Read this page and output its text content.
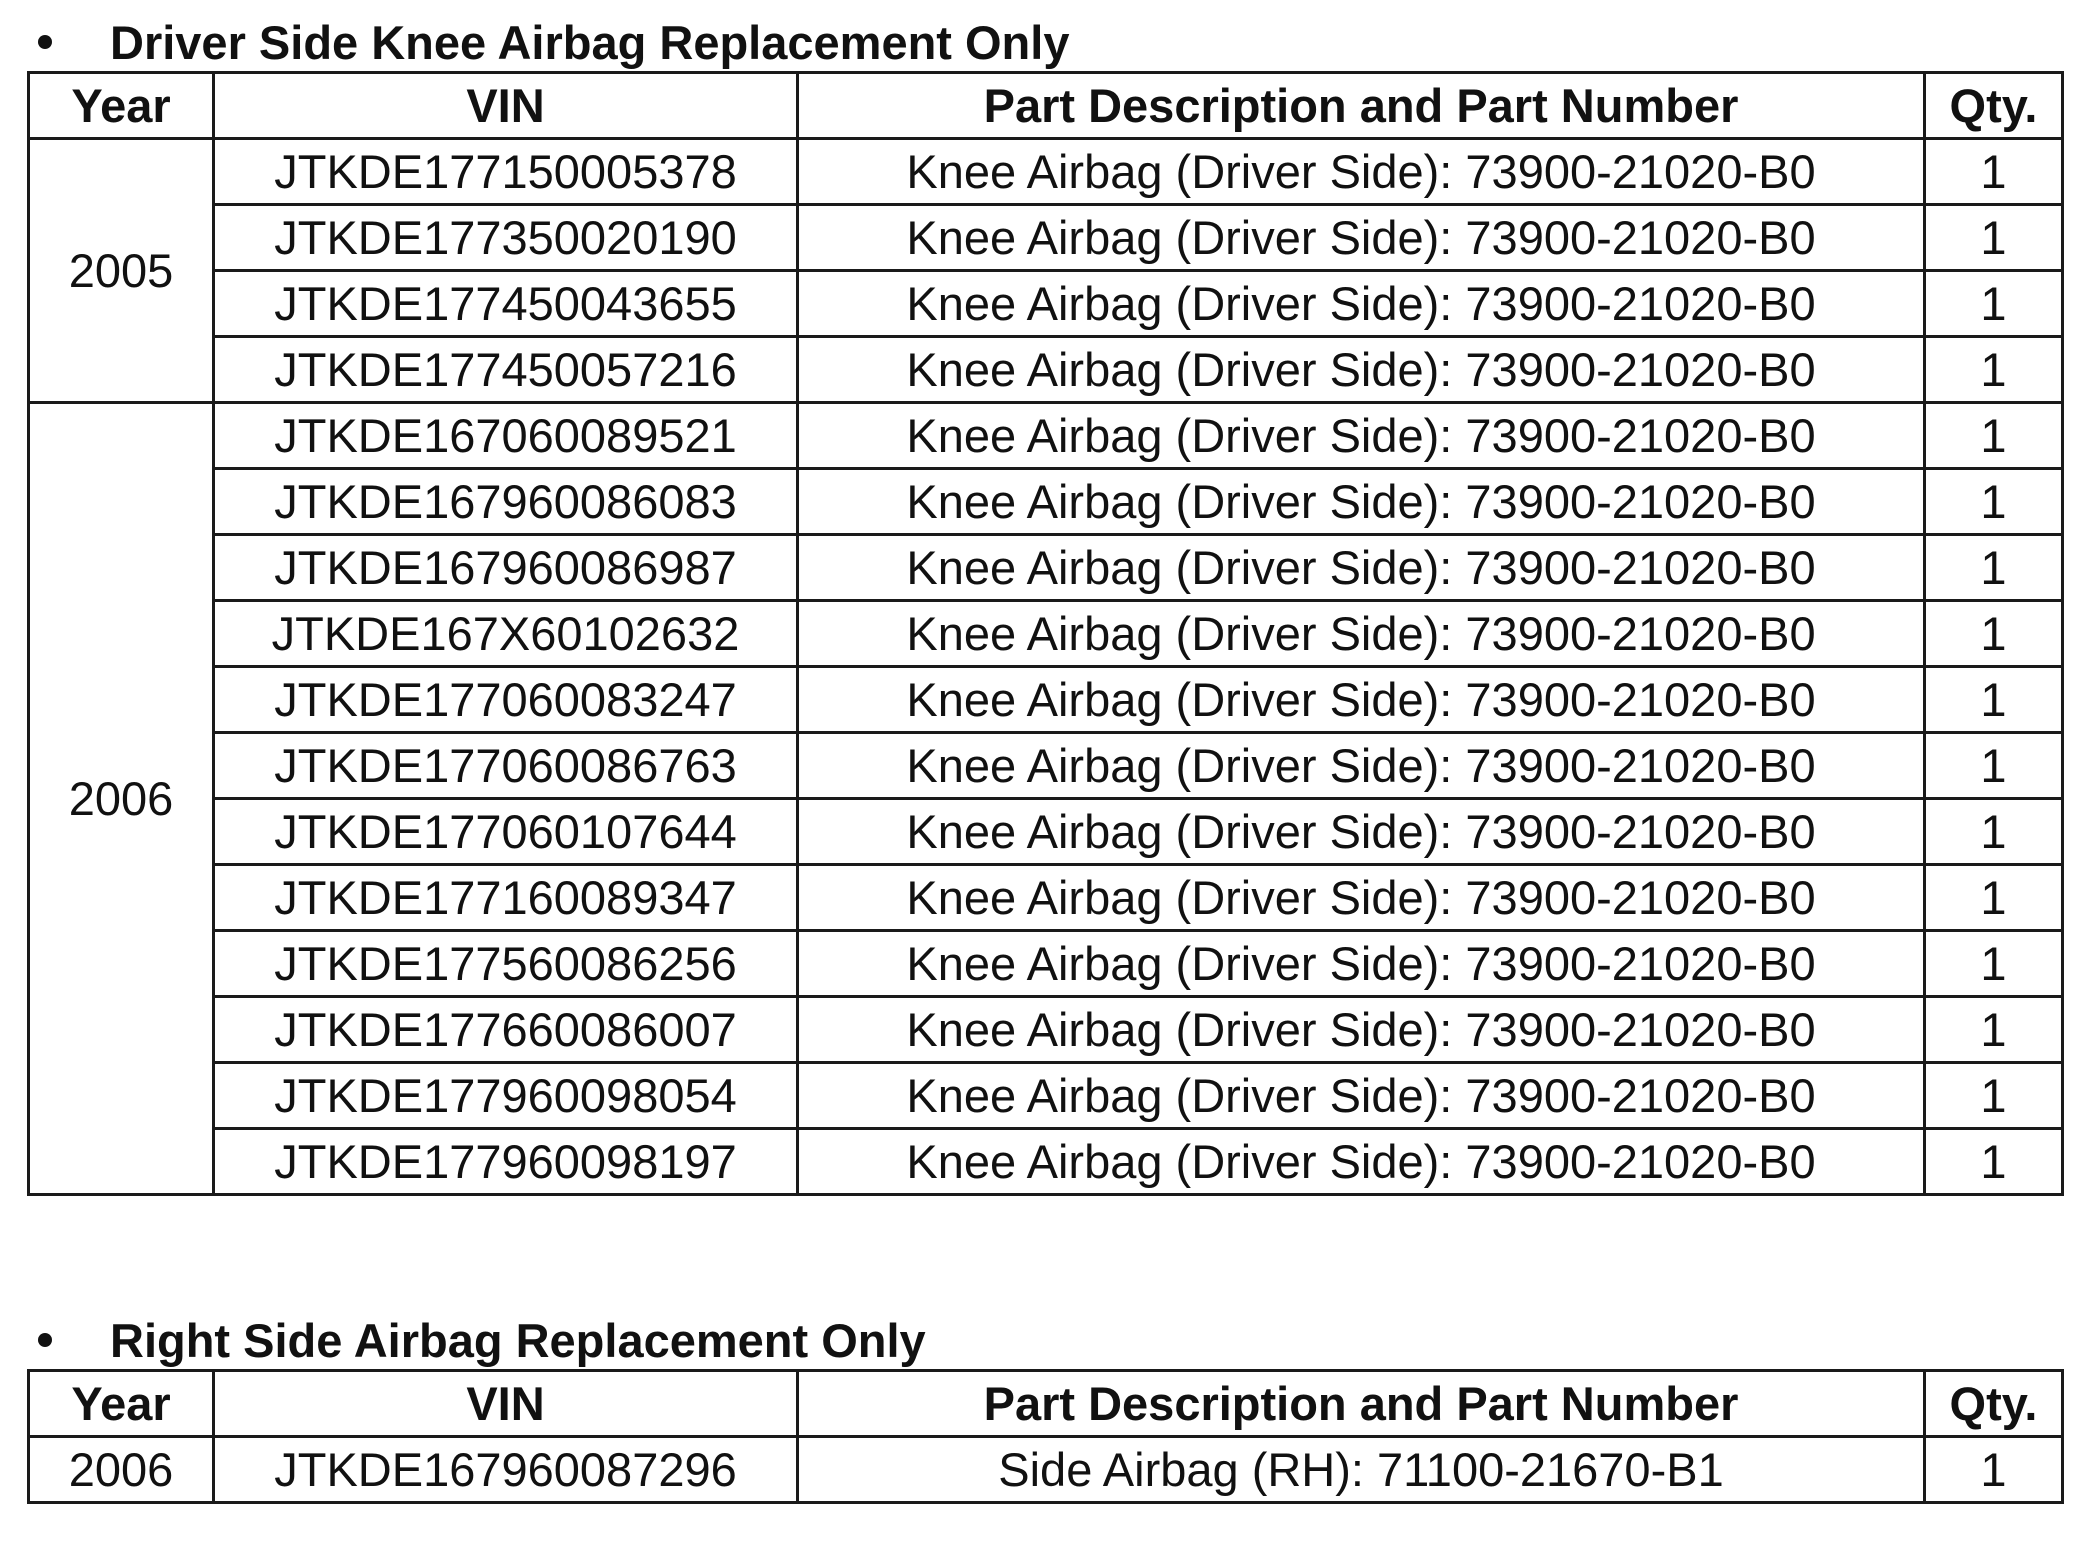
Driver Side Knee Airbag Replacement Only
Year	VIN	Part Description and Part Number	Qty.
2005	JTKDE177150005378	Knee Airbag (Driver Side): 73900-21020-B0	1
	JTKDE177350020190	Knee Airbag (Driver Side): 73900-21020-B0	1
	JTKDE177450043655	Knee Airbag (Driver Side): 73900-21020-B0	1
	JTKDE177450057216	Knee Airbag (Driver Side): 73900-21020-B0	1
2006	JTKDE167060089521	Knee Airbag (Driver Side): 73900-21020-B0	1
	JTKDE167960086083	Knee Airbag (Driver Side): 73900-21020-B0	1
	JTKDE167960086987	Knee Airbag (Driver Side): 73900-21020-B0	1
	JTKDE167X60102632	Knee Airbag (Driver Side): 73900-21020-B0	1
	JTKDE177060083247	Knee Airbag (Driver Side): 73900-21020-B0	1
	JTKDE177060086763	Knee Airbag (Driver Side): 73900-21020-B0	1
	JTKDE177060107644	Knee Airbag (Driver Side): 73900-21020-B0	1
	JTKDE177160089347	Knee Airbag (Driver Side): 73900-21020-B0	1
	JTKDE177560086256	Knee Airbag (Driver Side): 73900-21020-B0	1
	JTKDE177660086007	Knee Airbag (Driver Side): 73900-21020-B0	1
	JTKDE177960098054	Knee Airbag (Driver Side): 73900-21020-B0	1
	JTKDE177960098197	Knee Airbag (Driver Side): 73900-21020-B0	1
Right Side Airbag Replacement Only
Year	VIN	Part Description and Part Number	Qty.
2006	JTKDE167960087296	Side Airbag (RH): 71100-21670-B1	1
